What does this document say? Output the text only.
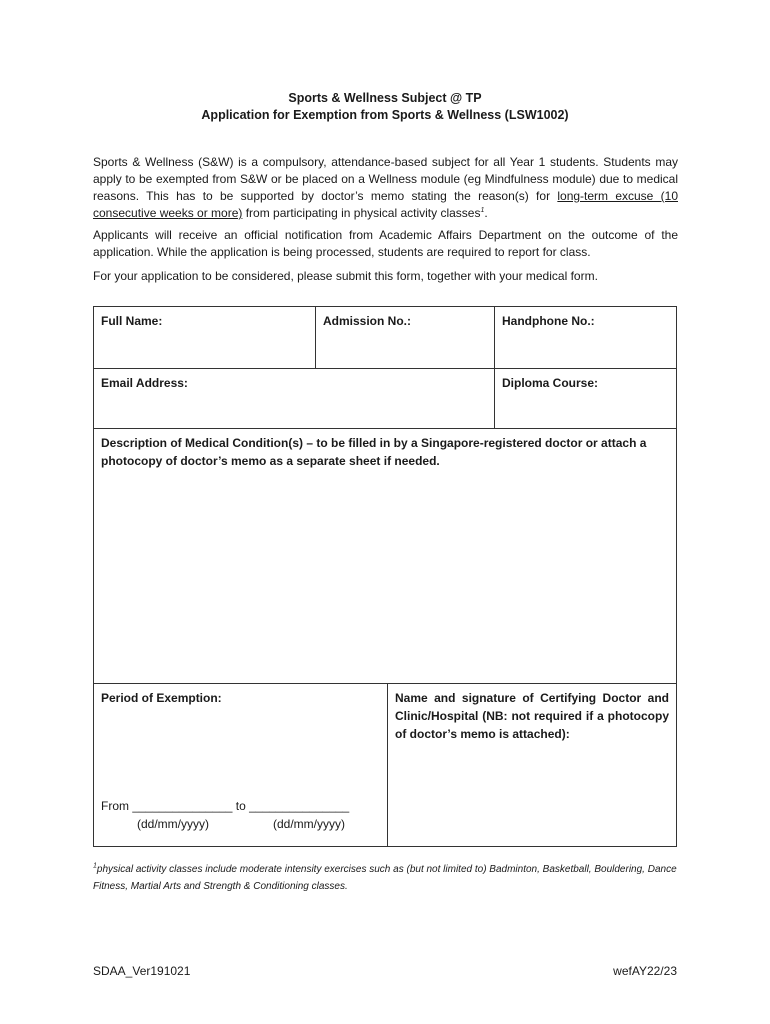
Sports & Wellness Subject @ TP
Application for Exemption from Sports & Wellness (LSW1002)

Sports & Wellness (S&W) is a compulsory, attendance-based subject for all Year 1 students. Students may apply to be exempted from S&W or be placed on a Wellness module (eg Mindfulness module) due to medical reasons. This has to be supported by doctor’s memo stating the reason(s) for long-term excuse (10 consecutive weeks or more) from participating in physical activity classes$^1$.

Applicants will receive an official notification from Academic Affairs Department on the outcome of the application. While the application is being processed, students are required to report for class.

For your application to be considered, please submit this form, together with your medical form.

Full Name:	Admission No.:	Handphone No.:
Email Address:	Diploma Course:
Description of Medical Condition(s) – to be filled in by a Singapore-registered doctor or attach a photocopy of doctor’s memo as a separate sheet if needed.
Period of Exemption:
From _______________ to _______________
(dd/mm/yyyy)	(dd/mm/yyyy)
Name and signature of Certifying Doctor and Clinic/Hospital (NB: not required if a photocopy of doctor’s memo is attached):
$^1$physical activity classes include moderate intensity exercises such as (but not limited to) Badminton, Basketball, Bouldering, Dance Fitness, Martial Arts and Strength & Conditioning classes.
SDAA_Ver191021	wefAY22/23
